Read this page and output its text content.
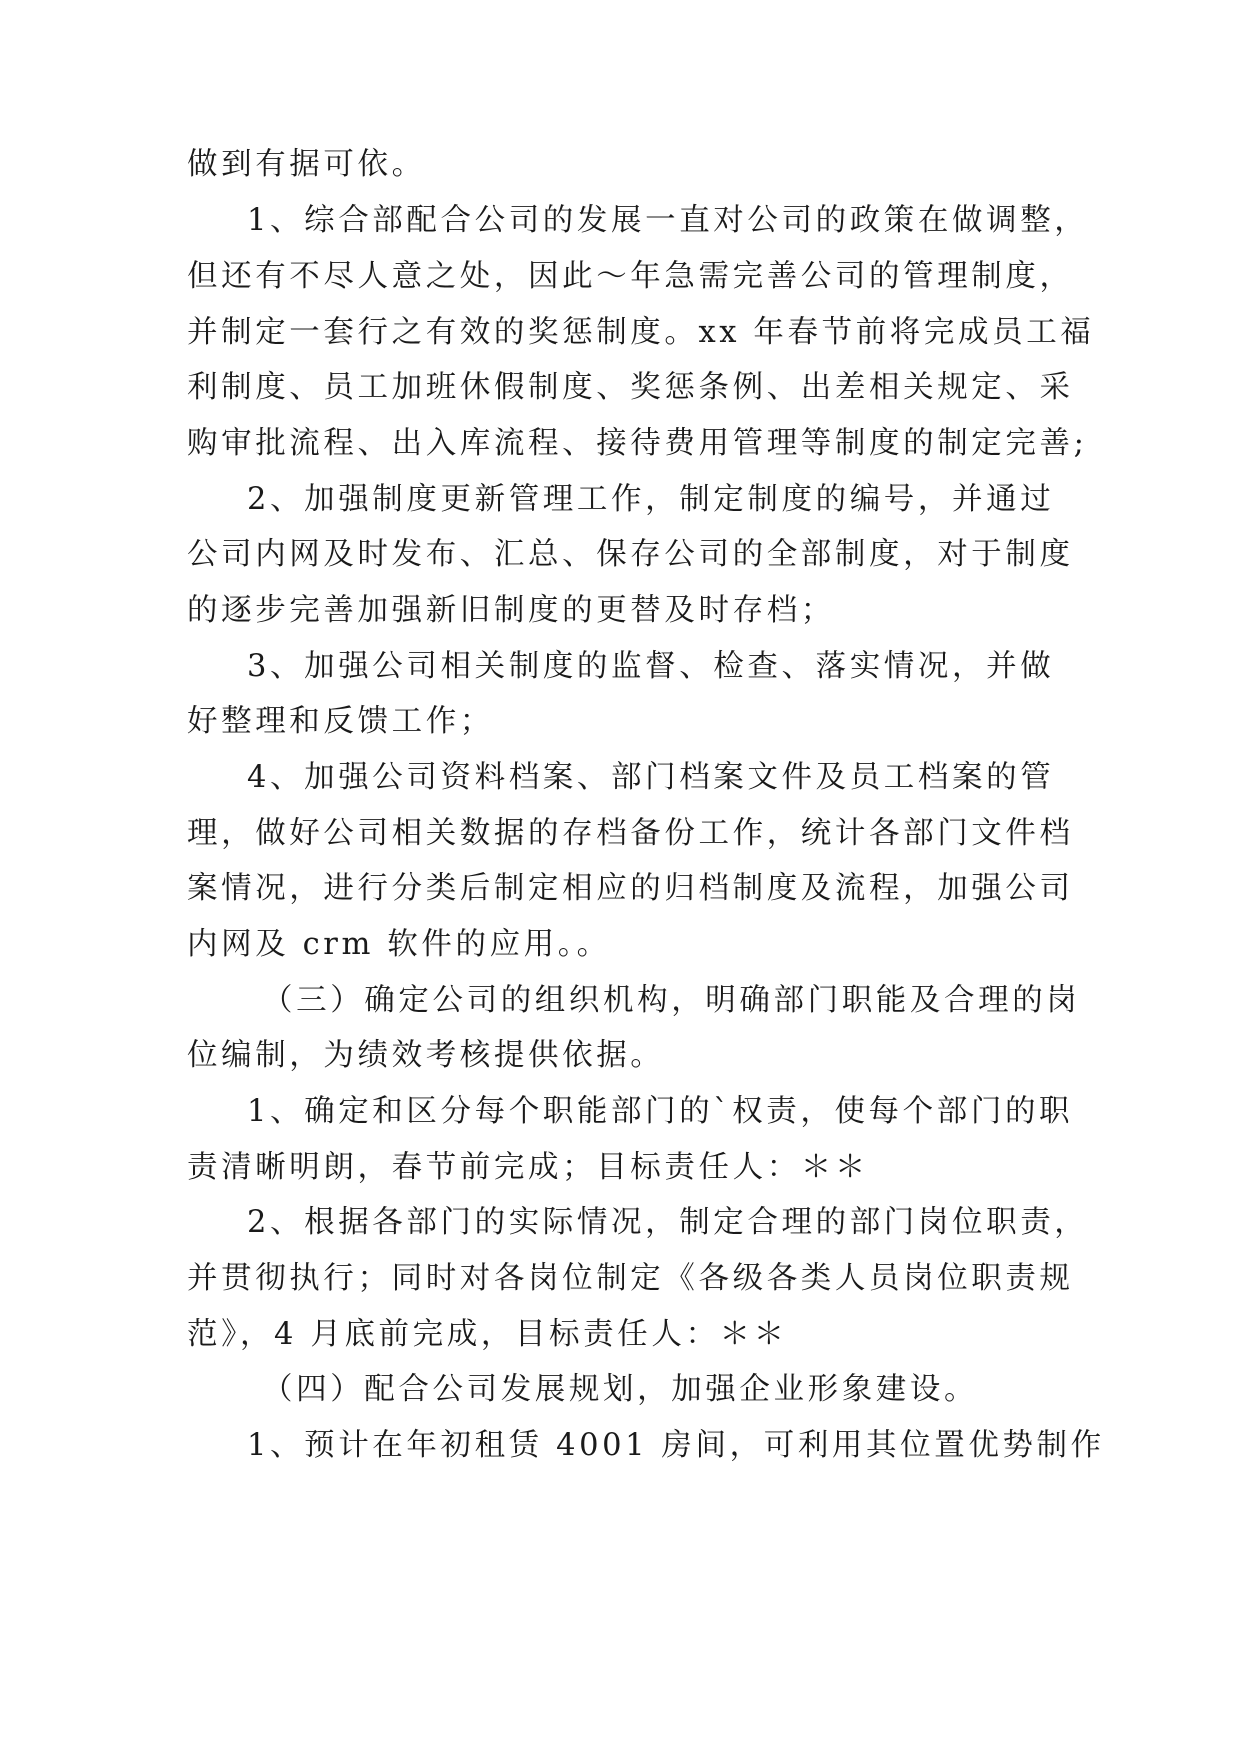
做到有据可依。
1、综合部配合公司的发展一直对公司的政策在做调整，
但还有不尽人意之处，因此～年急需完善公司的管理制度，
并制定一套行之有效的奖惩制度。xx 年春节前将完成员工福
利制度、员工加班休假制度、奖惩条例、出差相关规定、采
购审批流程、出入库流程、接待费用管理等制度的制定完善;
2、加强制度更新管理工作，制定制度的编号，并通过
公司内网及时发布、汇总、保存公司的全部制度，对于制度
的逐步完善加强新旧制度的更替及时存档；
3、加强公司相关制度的监督、检查、落实情况，并做
好整理和反馈工作；
4、加强公司资料档案、部门档案文件及员工档案的管
理，做好公司相关数据的存档备份工作，统计各部门文件档
案情况，进行分类后制定相应的归档制度及流程，加强公司
内网及 crm 软件的应用。。
（三）确定公司的组织机构，明确部门职能及合理的岗
位编制，为绩效考核提供依据。
1、确定和区分每个职能部门的`权责，使每个部门的职
责清晰明朗，春节前完成；目标责任人：＊＊
2、根据各部门的实际情况，制定合理的部门岗位职责，
并贯彻执行；同时对各岗位制定《各级各类人员岗位职责规
范》，4 月底前完成，目标责任人：＊＊
（四）配合公司发展规划，加强企业形象建设。
1、预计在年初租赁 4001 房间，可利用其位置优势制作
